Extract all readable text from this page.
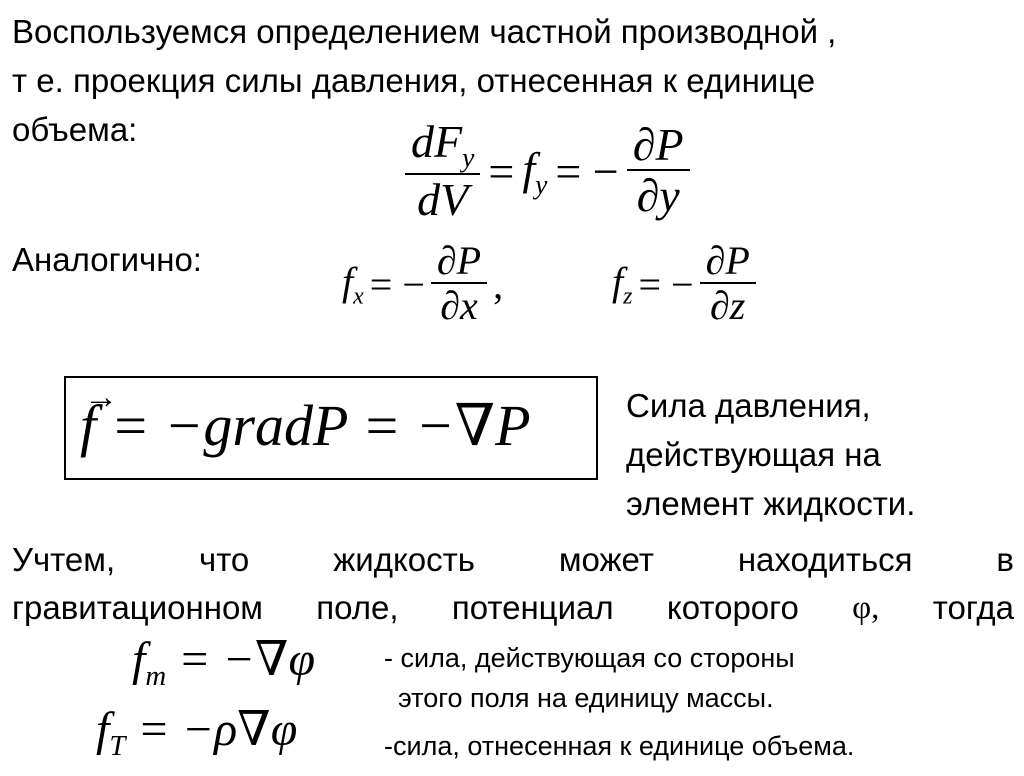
Воспользуемся определением частной производной ,
т е. проекция силы давления, отнесенная к единице
объема:	$\frac{dF_y}{dV} = f_y$ = − $\frac{\partial P}{\partial y}$
Аналогично:	$f_x$ = − $\frac{\partial P}{\partial x}$ ,	$f_z$ = − $\frac{\partial P}{\partial z}$
→
f = −gradP = −∇P	Сила давления,
действующая на
элемент жидкости.
Учтем,	что	жидкость	может	находиться	в
гравитационном поле, потенциал которого φ, тогда
$f_m = -\nabla\varphi$	- сила, действующая со стороны
этого поля на единицу массы.
$f_T = -\rho\nabla\varphi$	-сила, отнесенная к единице объема.
